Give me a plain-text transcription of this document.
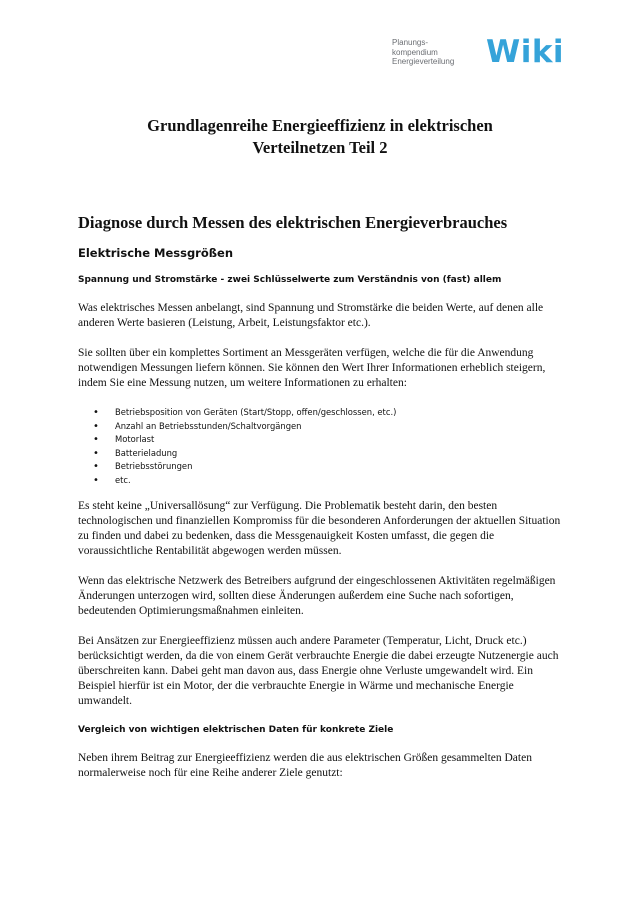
Planungs-
kompendium
Energieverteilung Wiki
Grundlagenreihe Energieeffizienz in elektrischen
Verteilnetzen Teil 2
Diagnose durch Messen des elektrischen Energieverbrauches
Elektrische Messgrößen
Spannung und Stromstärke - zwei Schlüsselwerte zum Verständnis von (fast) allem

Was elektrisches Messen anbelangt, sind Spannung und Stromstärke die beiden Werte, auf denen alle anderen Werte basieren (Leistung, Arbeit, Leistungsfaktor etc.).

Sie sollten über ein komplettes Sortiment an Messgeräten verfügen, welche die für die Anwendung notwendigen Messungen liefern können. Sie können den Wert Ihrer Informationen erheblich steigern, indem Sie eine Messung nutzen, um weitere Informationen zu erhalten:

• Betriebsposition von Geräten (Start/Stopp, offen/geschlossen, etc.)
• Anzahl an Betriebsstunden/Schaltvorgängen
• Motorlast
• Batterieladung
• Betriebsstörungen
• etc.

Es steht keine „Universallösung“ zur Verfügung. Die Problematik besteht darin, den besten technologischen und finanziellen Kompromiss für die besonderen Anforderungen der aktuellen Situation zu finden und dabei zu bedenken, dass die Messgenauigkeit Kosten umfasst, die gegen die voraussichtliche Rentabilität abgewogen werden müssen.

Wenn das elektrische Netzwerk des Betreibers aufgrund der eingeschlossenen Aktivitäten regelmäßigen Änderungen unterzogen wird, sollten diese Änderungen außerdem eine Suche nach sofortigen, bedeutenden Optimierungsmaßnahmen einleiten.

Bei Ansätzen zur Energieeffizienz müssen auch andere Parameter (Temperatur, Licht, Druck etc.) berücksichtigt werden, da die von einem Gerät verbrauchte Energie die dabei erzeugte Nutzenergie auch überschreiten kann. Dabei geht man davon aus, dass Energie ohne Verluste umgewandelt wird. Ein Beispiel hierfür ist ein Motor, der die verbrauchte Energie in Wärme und mechanische Energie umwandelt.

Vergleich von wichtigen elektrischen Daten für konkrete Ziele

Neben ihrem Beitrag zur Energieeffizienz werden die aus elektrischen Größen gesammelten Daten normalerweise noch für eine Reihe anderer Ziele genutzt:
